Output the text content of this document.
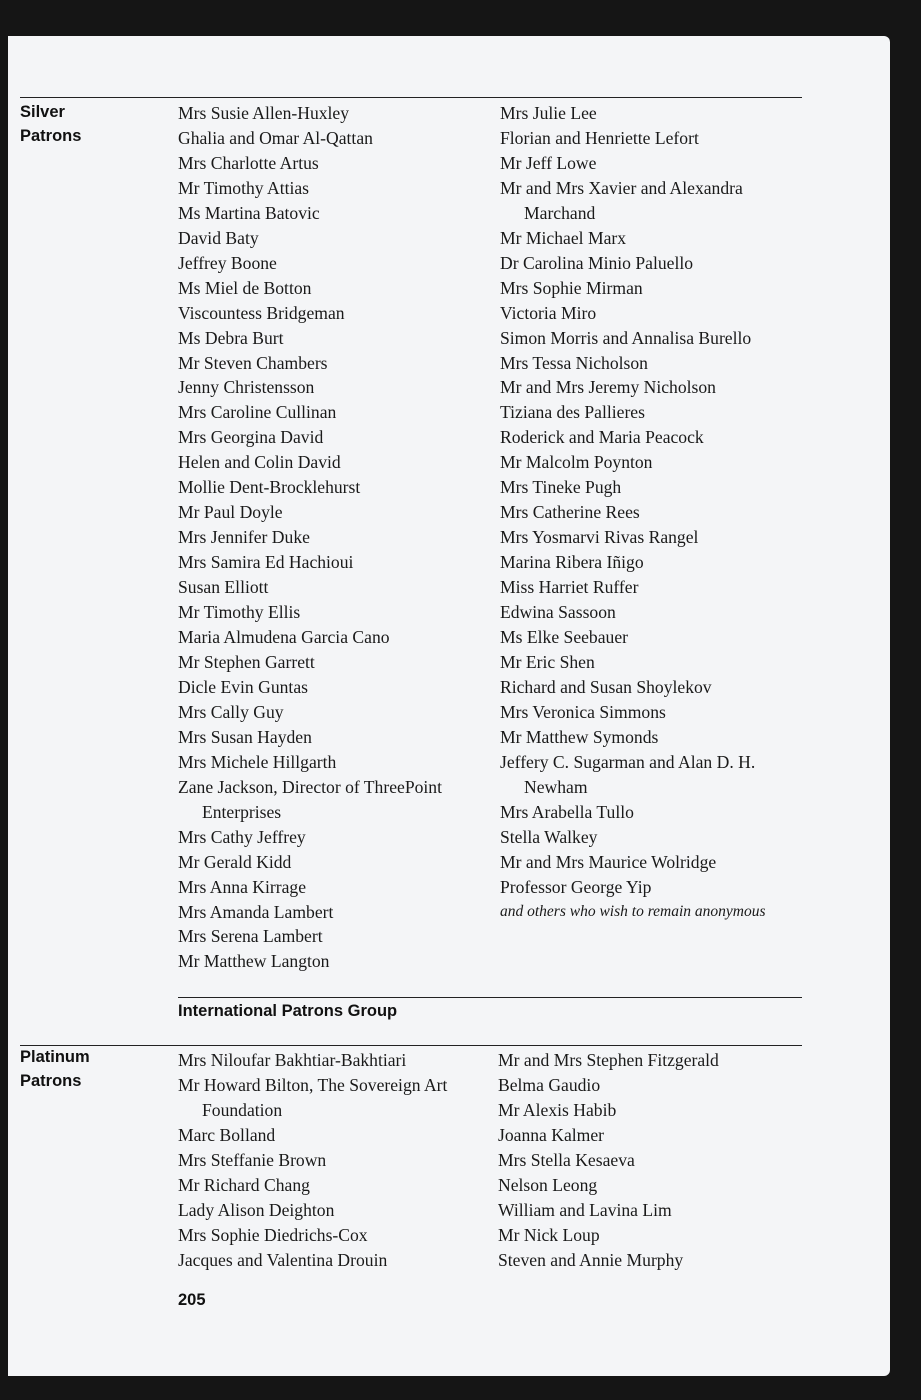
Silver
Patrons
Mrs Susie Allen-Huxley
Ghalia and Omar Al-Qattan
Mrs Charlotte Artus
Mr Timothy Attias
Ms Martina Batovic
David Baty
Jeffrey Boone
Ms Miel de Botton
Viscountess Bridgeman
Ms Debra Burt
Mr Steven Chambers
Jenny Christensson
Mrs Caroline Cullinan
Mrs Georgina David
Helen and Colin David
Mollie Dent-Brocklehurst
Mr Paul Doyle
Mrs Jennifer Duke
Mrs Samira Ed Hachioui
Susan Elliott
Mr Timothy Ellis
Maria Almudena Garcia Cano
Mr Stephen Garrett
Dicle Evin Guntas
Mrs Cally Guy
Mrs Susan Hayden
Mrs Michele Hillgarth
Zane Jackson, Director of ThreePoint Enterprises
Mrs Cathy Jeffrey
Mr Gerald Kidd
Mrs Anna Kirrage
Mrs Amanda Lambert
Mrs Serena Lambert
Mr Matthew Langton
Mrs Julie Lee
Florian and Henriette Lefort
Mr Jeff Lowe
Mr and Mrs Xavier and Alexandra Marchand
Mr Michael Marx
Dr Carolina Minio Paluello
Mrs Sophie Mirman
Victoria Miro
Simon Morris and Annalisa Burello
Mrs Tessa Nicholson
Mr and Mrs Jeremy Nicholson
Tiziana des Pallieres
Roderick and Maria Peacock
Mr Malcolm Poynton
Mrs Tineke Pugh
Mrs Catherine Rees
Mrs Yosmarvi Rivas Rangel
Marina Ribera Iñigo
Miss Harriet Ruffer
Edwina Sassoon
Ms Elke Seebauer
Mr Eric Shen
Richard and Susan Shoylekov
Mrs Veronica Simmons
Mr Matthew Symonds
Jeffery C. Sugarman and Alan D. H. Newham
Mrs Arabella Tullo
Stella Walkey
Mr and Mrs Maurice Wolridge
Professor George Yip
and others who wish to remain anonymous
International Patrons Group
Platinum
Patrons
Mrs Niloufar Bakhtiar-Bakhtiari
Mr Howard Bilton, The Sovereign Art Foundation
Marc Bolland
Mrs Steffanie Brown
Mr Richard Chang
Lady Alison Deighton
Mrs Sophie Diedrichs-Cox
Jacques and Valentina Drouin
Mr and Mrs Stephen Fitzgerald
Belma Gaudio
Mr Alexis Habib
Joanna Kalmer
Mrs Stella Kesaeva
Nelson Leong
William and Lavina Lim
Mr Nick Loup
Steven and Annie Murphy
205
